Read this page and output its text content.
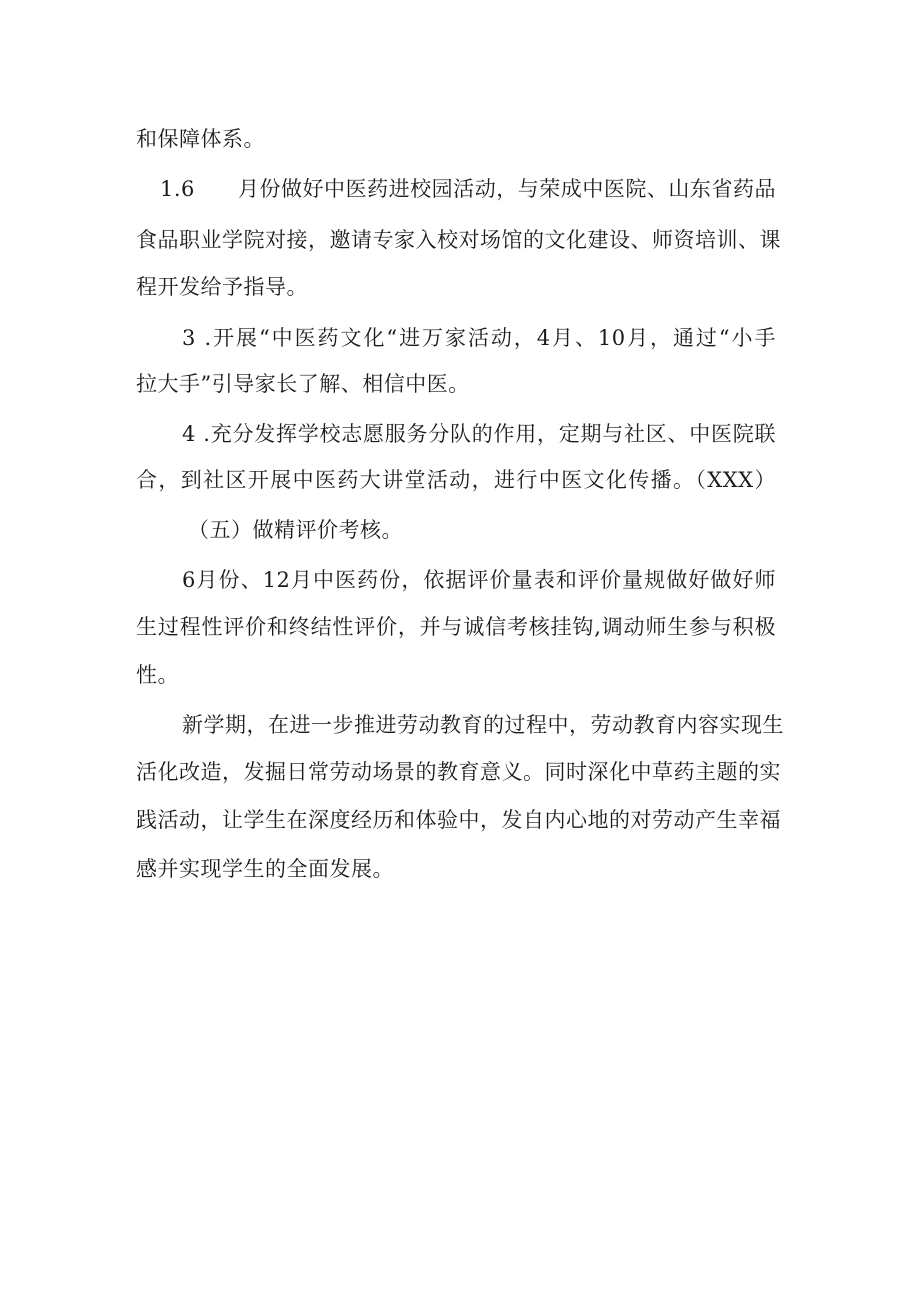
和保障体系。
1.6　　月份做好中医药进校园活动，与荣成中医院、山东省药品
食品职业学院对接，邀请专家入校对场馆的文化建设、师资培训、课
程开发给予指导。
3 .开展“中医药文化“进万家活动，4月、10月，通过“小手
拉大手”引导家长了解、相信中医。
4 .充分发挥学校志愿服务分队的作用，定期与社区、中医院联
合，到社区开展中医药大讲堂活动，进行中医文化传播。（XXX）
（五）做精评价考核。
6月份、12月中医药份，依据评价量表和评价量规做好做好师
生过程性评价和终结性评价，并与诚信考核挂钩,调动师生参与积极
性。
新学期，在进一步推进劳动教育的过程中，劳动教育内容实现生
活化改造，发掘日常劳动场景的教育意义。同时深化中草药主题的实
践活动，让学生在深度经历和体验中，发自内心地的对劳动产生幸福
感并实现学生的全面发展。
